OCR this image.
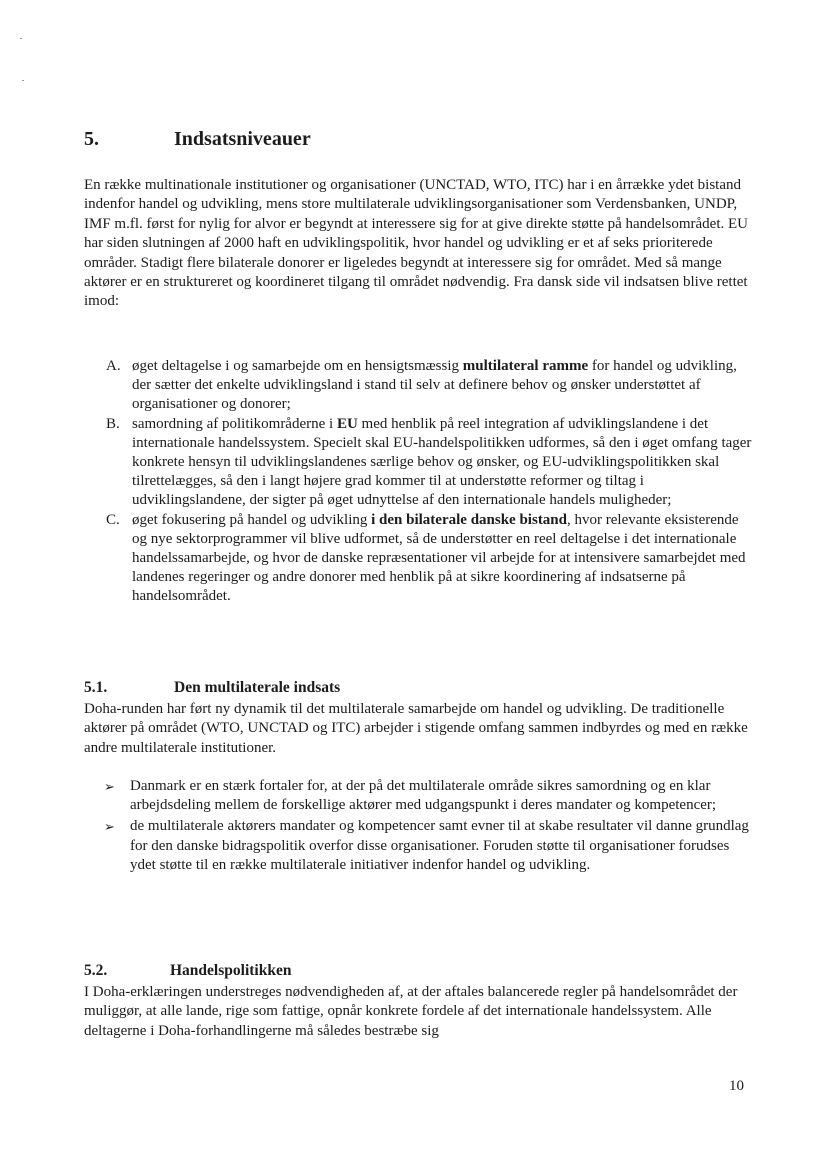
5.	Indsatsniveauer

En række multinationale institutioner og organisationer (UNCTAD, WTO, ITC) har i en årrække ydet bistand indenfor handel og udvikling, mens store multilaterale udviklingsorganisationer som Verdensbanken, UNDP, IMF m.fl. først for nylig for alvor er begyndt at interessere sig for at give direkte støtte på handelsområdet. EU har siden slutningen af 2000 haft en udviklingspolitik, hvor handel og udvikling er et af seks prioriterede områder. Stadigt flere bilaterale donorer er ligeledes begyndt at interessere sig for området. Med så mange aktører er en struktureret og koordineret tilgang til området nødvendig. Fra dansk side vil indsatsen blive rettet imod:

A. øget deltagelse i og samarbejde om en hensigtsmæssig multilateral ramme for handel og udvikling, der sætter det enkelte udviklingsland i stand til selv at definere behov og ønsker understøttet af organisationer og donorer;
B. samordning af politikområderne i EU med henblik på reel integration af udviklingslandene i det internationale handelssystem. Specielt skal EU-handelspolitikken udformes, så den i øget omfang tager konkrete hensyn til udviklingslandenes særlige behov og ønsker, og EU-udviklingspolitikken skal tilrettelægges, så den i langt højere grad kommer til at understøtte reformer og tiltag i udviklingslandene, der sigter på øget udnyttelse af den internationale handels muligheder;
C. øget fokusering på handel og udvikling i den bilaterale danske bistand, hvor relevante eksisterende og nye sektorprogrammer vil blive udformet, så de understøtter en reel deltagelse i det internationale handelssamarbejde, og hvor de danske repræsentationer vil arbejde for at intensivere samarbejdet med landenes regeringer og andre donorer med henblik på at sikre koordinering af indsatserne på handelsområdet.
5.1.	Den multilaterale indsats

Doha-runden har ført ny dynamik til det multilaterale samarbejde om handel og udvikling. De traditionelle aktører på området (WTO, UNCTAD og ITC) arbejder i stigende omfang sammen indbyrdes og med en række andre multilaterale institutioner.

➢ Danmark er en stærk fortaler for, at der på det multilaterale område sikres samordning og en klar arbejdsdeling mellem de forskellige aktører med udgangspunkt i deres mandater og kompetencer;
➢ de multilaterale aktørers mandater og kompetencer samt evner til at skabe resultater vil danne grundlag for den danske bidragspolitik overfor disse organisationer. Foruden støtte til organisationer forudses ydet støtte til en række multilaterale initiativer indenfor handel og udvikling.
5.2.	Handelspolitikken

I Doha-erklæringen understreges nødvendigheden af, at der aftales balancerede regler på handelsområdet der muliggør, at alle lande, rige som fattige, opnår konkrete fordele af det internationale handelssystem. Alle deltagerne i Doha-forhandlingerne må således bestræbe sig

10
